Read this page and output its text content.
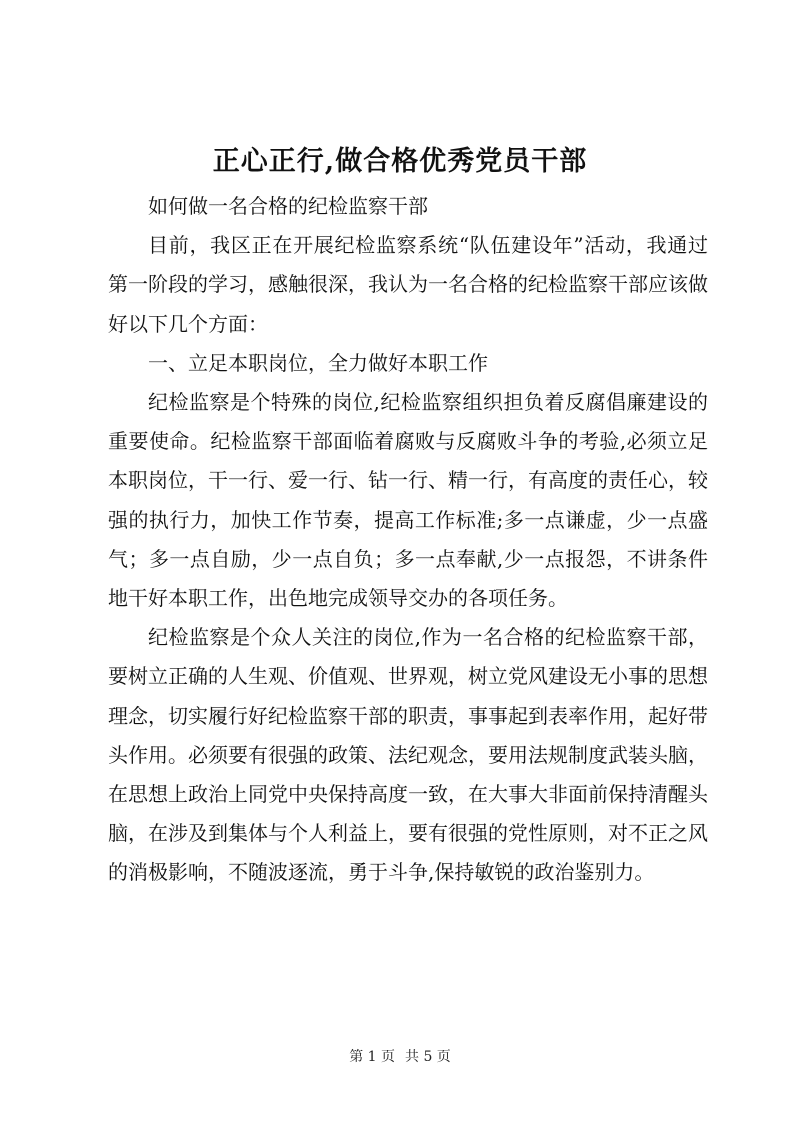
正心正行,做合格优秀党员干部

如何做一名合格的纪检监察干部

目前，我区正在开展纪检监察系统“队伍建设年”活动，我通过第一阶段的学习，感触很深，我认为一名合格的纪检监察干部应该做好以下几个方面：

一、立足本职岗位，全力做好本职工作

纪检监察是个特殊的岗位,纪检监察组织担负着反腐倡廉建设的重要使命。纪检监察干部面临着腐败与反腐败斗争的考验,必须立足本职岗位，干一行、爱一行、钻一行、精一行，有高度的责任心，较强的执行力，加快工作节奏，提高工作标准;多一点谦虚，少一点盛气；多一点自励，少一点自负；多一点奉献,少一点报怨，不讲条件地干好本职工作，出色地完成领导交办的各项任务。

纪检监察是个众人关注的岗位,作为一名合格的纪检监察干部，要树立正确的人生观、价值观、世界观，树立党风建设无小事的思想理念，切实履行好纪检监察干部的职责，事事起到表率作用，起好带头作用。必须要有很强的政策、法纪观念，要用法规制度武装头脑，在思想上政治上同党中央保持高度一致，在大事大非面前保持清醒头脑，在涉及到集体与个人利益上，要有很强的党性原则，对不正之风的消极影响，不随波逐流，勇于斗争,保持敏锐的政治鉴别力。

第 1 页 共 5 页
